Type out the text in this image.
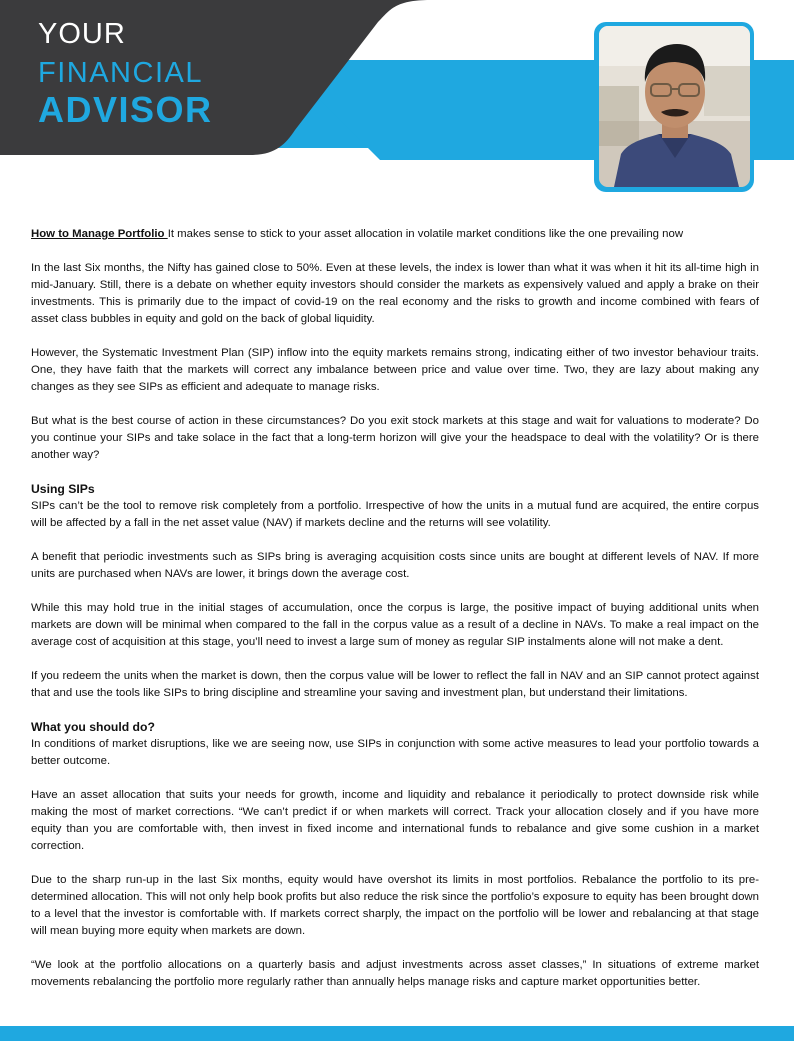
YOUR
FINANCIAL
ADVISOR

How to Manage Portfolio It makes sense to stick to your asset allocation in volatile market conditions like the one prevailing now

In the last Six months, the Nifty has gained close to 50%. Even at these levels, the index is lower than what it was when it hit its all-time high in mid-January. Still, there is a debate on whether equity investors should consider the markets as expensively valued and apply a brake on their investments. This is primarily due to the impact of covid-19 on the real economy and the risks to growth and income combined with fears of asset class bubbles in equity and gold on the back of global liquidity.

However, the Systematic Investment Plan (SIP) inflow into the equity markets remains strong, indicating either of two investor behaviour traits. One, they have faith that the markets will correct any imbalance between price and value over time. Two, they are lazy about making any changes as they see SIPs as efficient and adequate to manage risks.

But what is the best course of action in these circumstances? Do you exit stock markets at this stage and wait for valuations to moderate? Do you continue your SIPs and take solace in the fact that a long-term horizon will give your the headspace to deal with the volatility? Or is there another way?

Using SIPs

SIPs can’t be the tool to remove risk completely from a portfolio. Irrespective of how the units in a mutual fund are acquired, the entire corpus will be affected by a fall in the net asset value (NAV) if markets decline and the returns will see volatility.

A benefit that periodic investments such as SIPs bring is averaging acquisition costs since units are bought at different levels of NAV. If more units are purchased when NAVs are lower, it brings down the average cost.

While this may hold true in the initial stages of accumulation, once the corpus is large, the positive impact of buying additional units when markets are down will be minimal when compared to the fall in the corpus value as a result of a decline in NAVs. To make a real impact on the average cost of acquisition at this stage, you’ll need to invest a large sum of money as regular SIP instalments alone will not make a dent.

If you redeem the units when the market is down, then the corpus value will be lower to reflect the fall in NAV and an SIP cannot protect against that and use the tools like SIPs to bring discipline and streamline your saving and investment plan, but understand their limitations.

What you should do?

In conditions of market disruptions, like we are seeing now, use SIPs in conjunction with some active measures to lead your portfolio towards a better outcome.

Have an asset allocation that suits your needs for growth, income and liquidity and rebalance it periodically to protect downside risk while making the most of market corrections. “We can’t predict if or when markets will correct. Track your allocation closely and if you have more equity than you are comfortable with, then invest in fixed income and international funds to rebalance and give some cushion in a market correction.

Due to the sharp run-up in the last Six months, equity would have overshot its limits in most portfolios. Rebalance the portfolio to its pre-determined allocation. This will not only help book profits but also reduce the risk since the portfolio’s exposure to equity has been brought down to a level that the investor is comfortable with. If markets correct sharply, the impact on the portfolio will be lower and rebalancing at that stage will mean buying more equity when markets are down.

“We look at the portfolio allocations on a quarterly basis and adjust investments across asset classes,” In situations of extreme market movements rebalancing the portfolio more regularly rather than annually helps manage risks and capture market opportunities better.
